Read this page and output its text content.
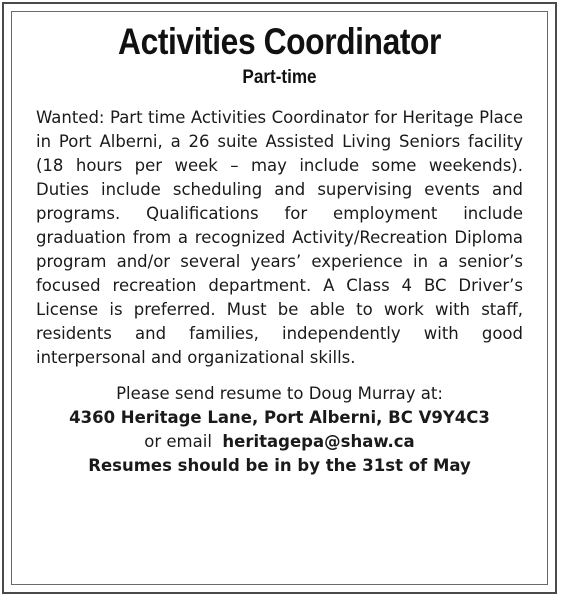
Activities Coordinator
Part-time

Wanted: Part time Activities Coordinator for Heritage Place in Port Alberni, a 26 suite Assisted Living Seniors facility (18 hours per week – may include some weekends). Duties include scheduling and supervising events and programs. Qualifications for employment include graduation from a recognized Activity/Recreation Diploma program and/or several years’ experience in a senior’s focused recreation department. A Class 4 BC Driver’s License is preferred. Must be able to work with staff, residents and families, independently with good interpersonal and organizational skills.

Please send resume to Doug Murray at:
4360 Heritage Lane, Port Alberni, BC V9Y4C3
or email heritagepa@shaw.ca
Resumes should be in by the 31st of May
